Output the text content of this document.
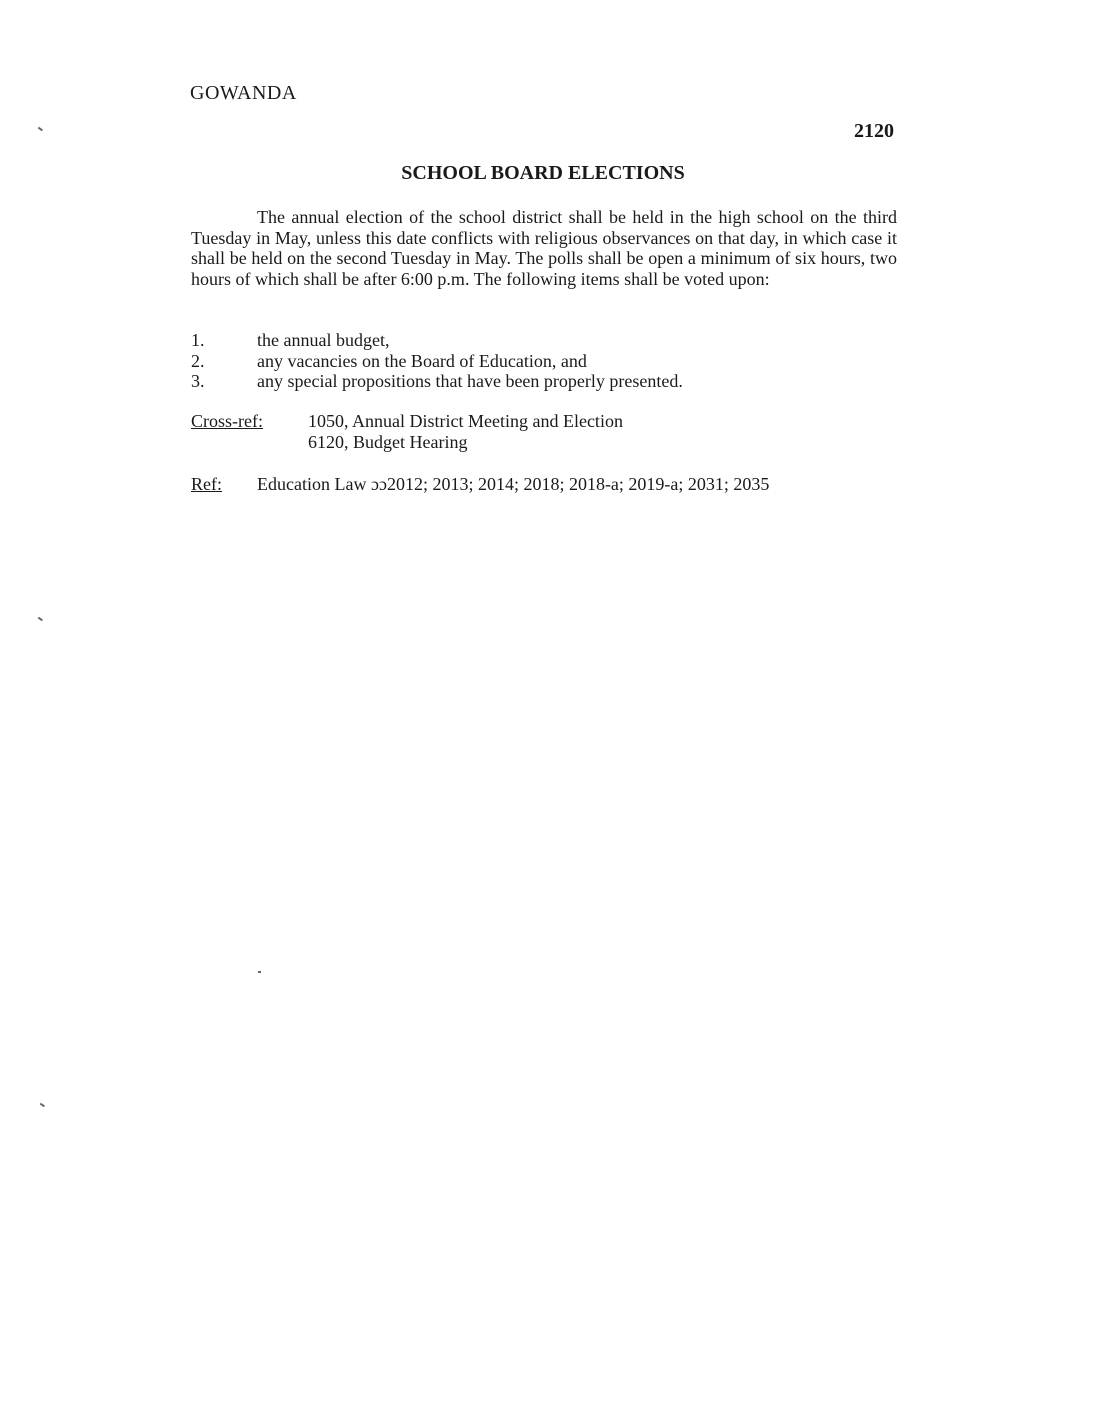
GOWANDA
2120
SCHOOL BOARD ELECTIONS

The annual election of the school district shall be held in the high school on the third Tuesday in May, unless this date conflicts with religious observances on that day, in which case it shall be held on the second Tuesday in May. The polls shall be open a minimum of six hours, two hours of which shall be after 6:00 p.m. The following items shall be voted upon:

1.	the annual budget,
2.	any vacancies on the Board of Education, and
3.	any special propositions that have been properly presented.
Cross-ref:	1050, Annual District Meeting and Election
6120, Budget Hearing
Ref:	Education Law ɔɔ2012; 2013; 2014; 2018; 2018-a; 2019-a; 2031; 2035
